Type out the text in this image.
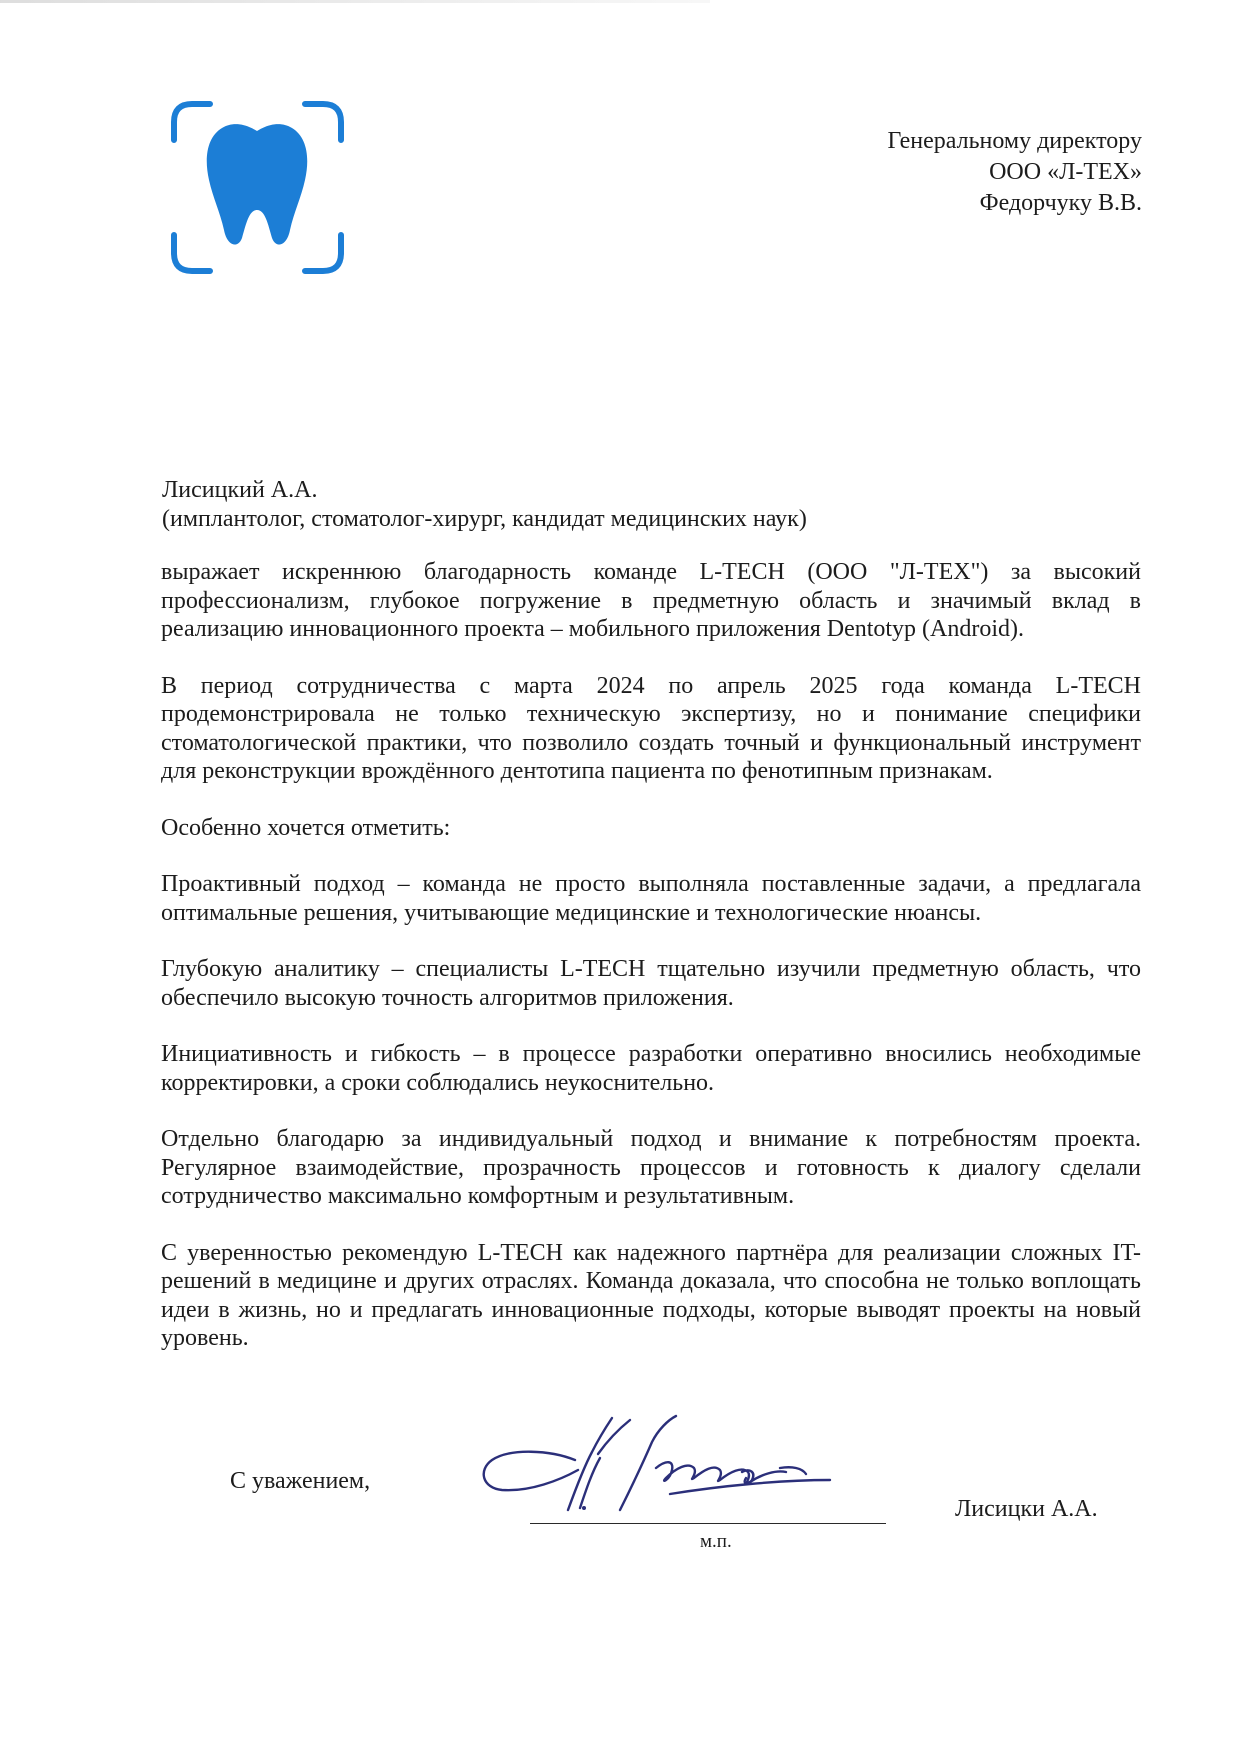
Генеральному директору
ООО «Л-ТЕХ»
Федорчуку В.В.
Лисицкий А.А.
(имплантолог, стоматолог-хирург, кандидат медицинских наук)

выражает искреннюю благодарность команде L-TECH (ООО "Л-ТЕХ") за высокий профессионализм, глубокое погружение в предметную область и значимый вклад в реализацию инновационного проекта – мобильного приложения Dentotyp (Android).

В период сотрудничества с марта 2024 по апрель 2025 года команда L-TECH продемонстрировала не только техническую экспертизу, но и понимание специфики стоматологической практики, что позволило создать точный и функциональный инструмент для реконструкции врождённого дентотипа пациента по фенотипным признакам.

Особенно хочется отметить:

Проактивный подход – команда не просто выполняла поставленные задачи, а предлагала оптимальные решения, учитывающие медицинские и технологические нюансы.

Глубокую аналитику – специалисты L-TECH тщательно изучили предметную область, что обеспечило высокую точность алгоритмов приложения.

Инициативность и гибкость – в процессе разработки оперативно вносились необходимые корректировки, а сроки соблюдались неукоснительно.

Отдельно благодарю за индивидуальный подход и внимание к потребностям проекта. Регулярное взаимодействие, прозрачность процессов и готовность к диалогу сделали сотрудничество максимально комфортным и результативным.

С уверенностью рекомендую L-TECH как надежного партнёра для реализации сложных IT-решений в медицине и других отраслях. Команда доказала, что способна не только воплощать идеи в жизнь, но и предлагать инновационные подходы, которые выводят проекты на новый уровень.

С уважением,
м.п.
Лисицки А.А.
